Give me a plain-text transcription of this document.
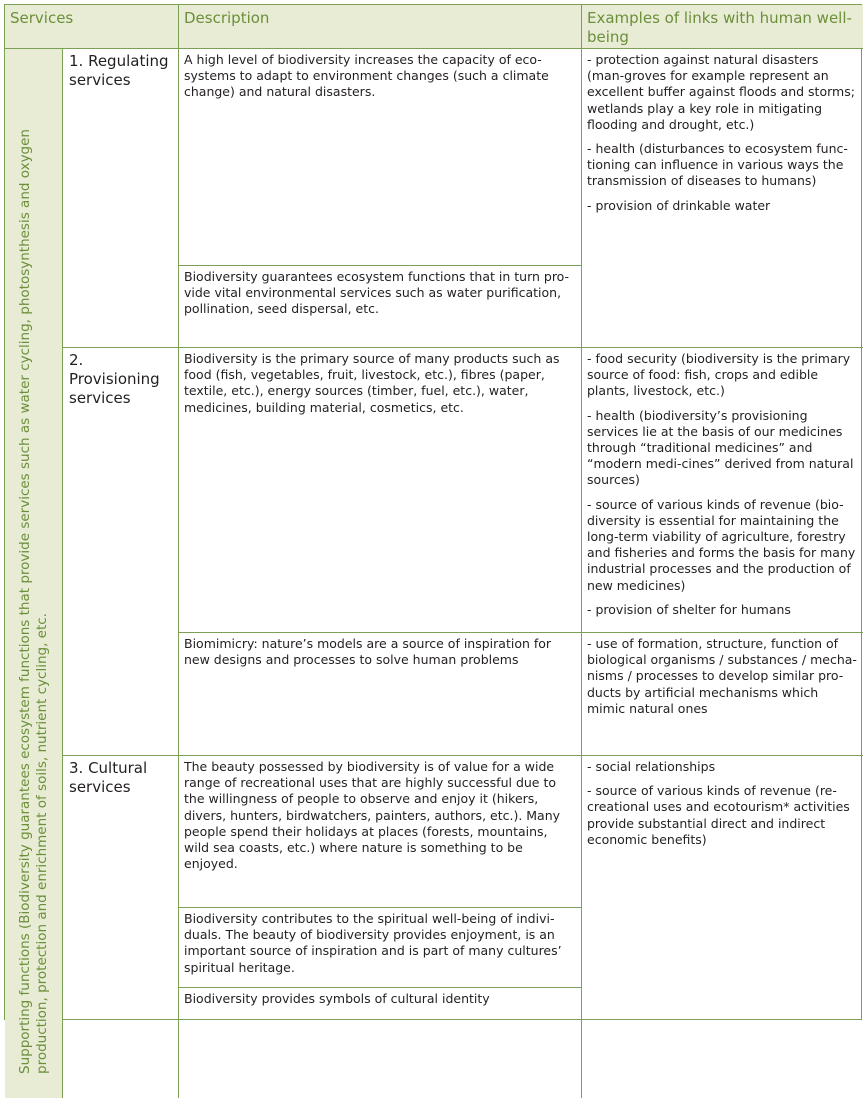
Services	Description	Examples of links with human well-being
Supporting functions (Biodiversity guarantees ecosystem functions that provide services such as water cycling, photosynthesis and oxygen production, protection and enrichment of soils, nutrient cycling, etc.
1. Regulating services

A high level of biodiversity increases the capacity of eco-systems to adapt to environment changes (such a climate change) and natural disasters.

Biodiversity guarantees ecosystem functions that in turn pro-vide vital environmental services such as water purification, pollination, seed dispersal, etc.

- protection against natural disasters (man-groves for example represent an excellent buffer against floods and storms; wetlands play a key role in mitigating flooding and drought, etc.)

- health (disturbances to ecosystem func-tioning can influence in various ways the transmission of diseases to humans)

- provision of drinkable water

2. Provisioning services

Biodiversity is the primary source of many products such as food (fish, vegetables, fruit, livestock, etc.), fibres (paper, textile, etc.), energy sources (timber, fuel, etc.), water, medicines, building material, cosmetics, etc.

- food security (biodiversity is the primary source of food: fish, crops and edible plants, livestock, etc.)

- health (biodiversity’s provisioning services lie at the basis of our medicines through “traditional medicines” and “modern medi-cines” derived from natural sources)

- source of various kinds of revenue (bio-diversity is essential for maintaining the long-term viability of agriculture, forestry and fisheries and forms the basis for many industrial processes and the production of new medicines)

- provision of shelter for humans

Biomimicry: nature’s models are a source of inspiration for new designs and processes to solve human problems

- use of formation, structure, function of biological organisms / substances / mecha-nisms / processes to develop similar pro-ducts by artificial mechanisms which mimic natural ones

3. Cultural services

The beauty possessed by biodiversity is of value for a wide range of recreational uses that are highly successful due to the willingness of people to observe and enjoy it (hikers, divers, hunters, birdwatchers, painters, authors, etc.). Many people spend their holidays at places (forests, mountains, wild sea coasts, etc.) where nature is something to be enjoyed.

Biodiversity contributes to the spiritual well-being of indivi-duals. The beauty of biodiversity provides enjoyment, is an important source of inspiration and is part of many cultures’ spiritual heritage.

Biodiversity provides symbols of cultural identity

- social relationships

- source of various kinds of revenue (re-creational uses and ecotourism* activities provide substantial direct and indirect economic benefits)
